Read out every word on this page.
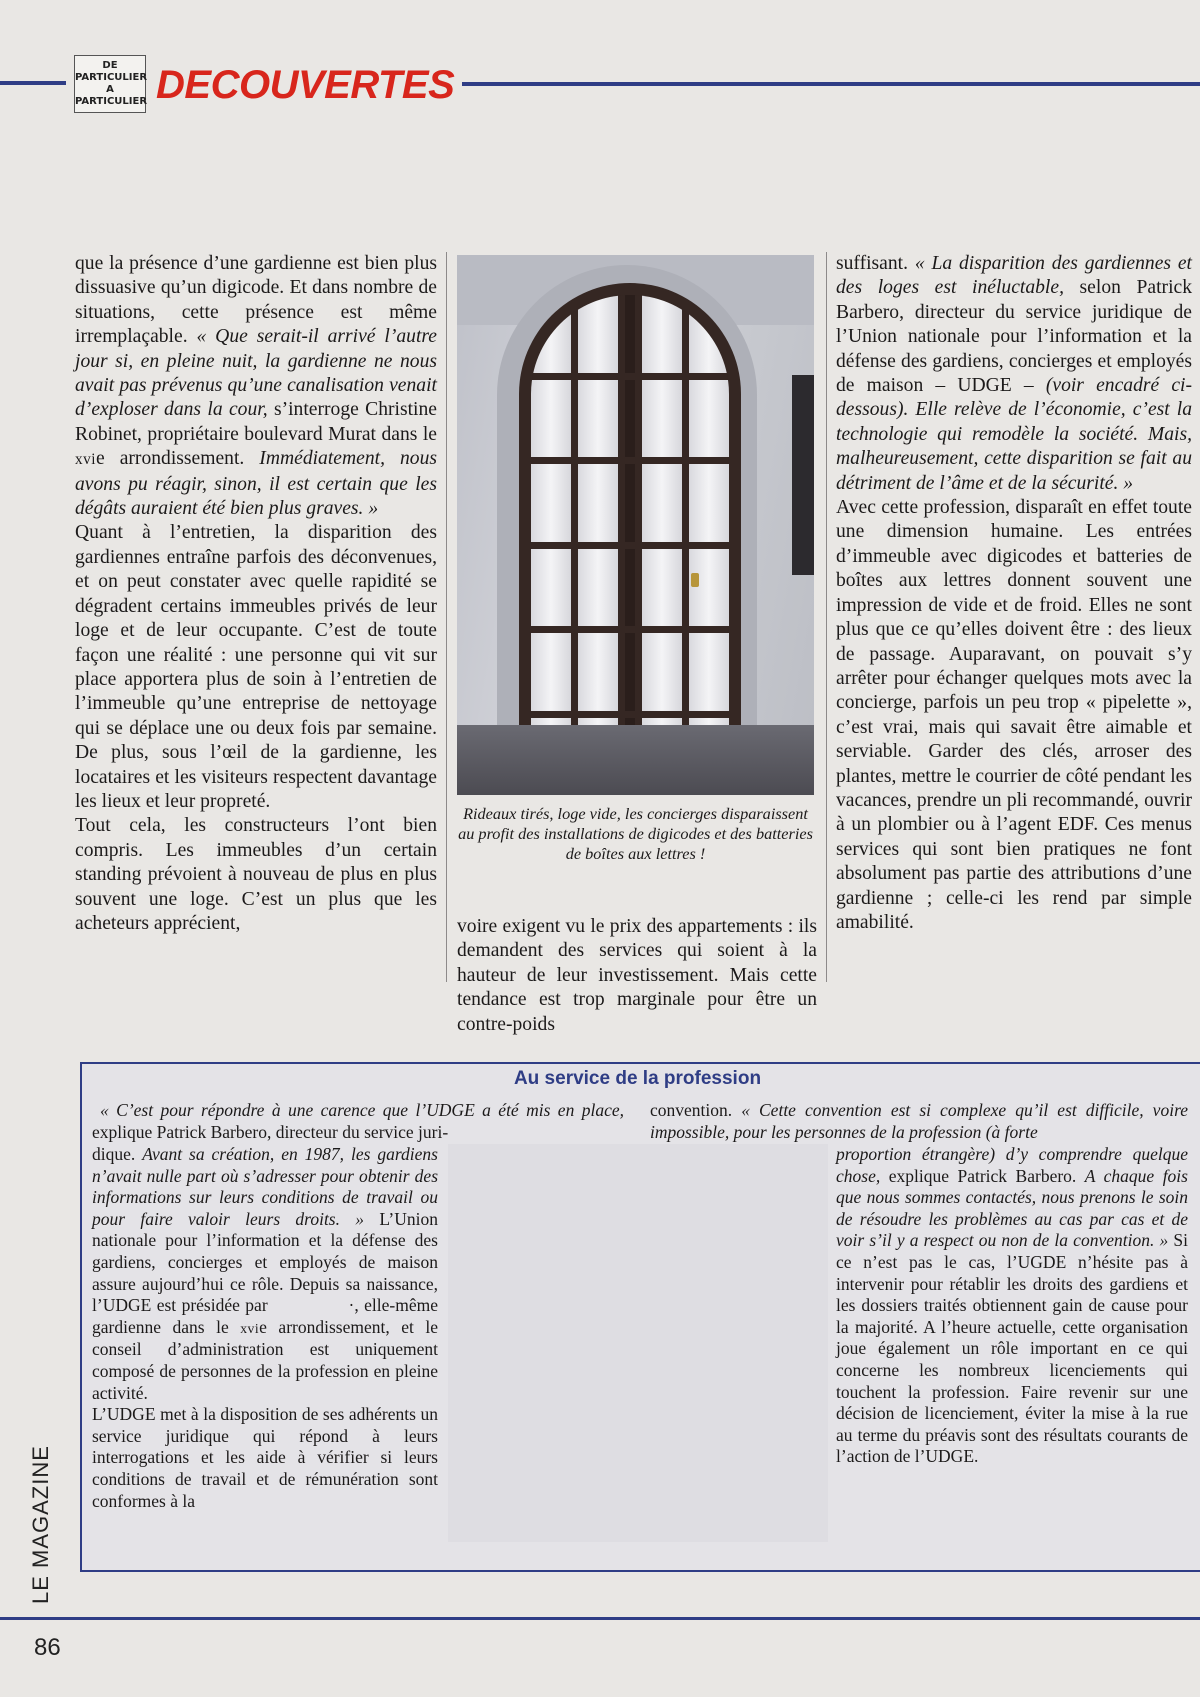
DE
PARTICULIER
A
PARTICULIER DECOUVERTES
que la présence d’une gardienne est bien plus dissuasive qu’un digicode. Et dans nombre de situations, cette présence est même irremplaçable. « Que serait-il arrivé l’autre jour si, en pleine nuit, la gardienne ne nous avait pas prévenus qu’une canalisation venait d’exploser dans la cour, s’interroge Christine Robinet, propriétaire boulevard Murat dans le xvie arrondissement. Immédiatement, nous avons pu réagir, sinon, il est certain que les dégâts auraient été bien plus graves. »
Quant à l’entretien, la disparition des gardiennes entraîne parfois des déconvenues, et on peut constater avec quelle rapidité se dégradent certains immeubles privés de leur loge et de leur occupante. C’est de toute façon une réalité : une personne qui vit sur place apportera plus de soin à l’entretien de l’immeuble qu’une entreprise de nettoyage qui se déplace une ou deux fois par semaine. De plus, sous l’œil de la gardienne, les locataires et les visiteurs respectent davantage les lieux et leur propreté.
Tout cela, les constructeurs l’ont bien compris. Les immeubles d’un certain standing prévoient à nouveau de plus en plus souvent une loge. C’est un plus que les acheteurs apprécient,

Rideaux tirés, loge vide, les concierges disparaissent au profit des installations de digicodes et des batteries de boîtes aux lettres !

voire exigent vu le prix des appartements : ils demandent des services qui soient à la hauteur de leur investissement. Mais cette tendance est trop marginale pour être un contre-poids
suffisant. « La disparition des gardiennes et des loges est inéluctable, selon Patrick Barbero, directeur du service juridique de l’Union nationale pour l’information et la défense des gardiens, concierges et employés de maison – UDGE – (voir encadré ci-dessous). Elle relève de l’économie, c’est la technologie qui remodèle la société. Mais, malheureusement, cette disparition se fait au détriment de l’âme et de la sécurité. »
Avec cette profession, disparaît en effet toute une dimension humaine. Les entrées d’immeuble avec digicodes et batteries de boîtes aux lettres donnent souvent une impression de vide et de froid. Elles ne sont plus que ce qu’elles doivent être : des lieux de passage. Auparavant, on pouvait s’y arrêter pour échanger quelques mots avec la concierge, parfois un peu trop « pipelette », c’est vrai, mais qui savait être aimable et serviable. Garder des clés, arroser des plantes, mettre le courrier de côté pendant les vacances, prendre un pli recommandé, ouvrir à un plombier ou à l’agent EDF. Ces menus services qui sont bien pratiques ne font absolument pas partie des attributions d’une gardienne ; celle-ci les rend par simple amabilité.
Au service de la profession
« C’est pour répondre à une carence que l’UDGE a été mis en place, explique Patrick Barbero, directeur du service juri-
convention. « Cette convention est si complexe qu’il est difficile, voire impossible, pour les personnes de la profession (à forte
dique. Avant sa création, en 1987, les gardiens n’avait nulle part où s’adresser pour obtenir des informations sur leurs conditions de travail ou pour faire valoir leurs droits. » L’Union nationale pour l’information et la défense des gardiens, concierges et employés de maison assure aujourd’hui ce rôle. Depuis sa naissance, l’UDGE est présidée par	·, elle-même gardienne dans le xvie arrondissement, et le conseil d’administration est uniquement composé de personnes de la profession en pleine activité.
L’UDGE met à la disposition de ses adhérents un service juridique qui répond à leurs interrogations et les aide à vérifier si leurs conditions de travail et de rémunération sont conformes à la
proportion étrangère) d’y comprendre quelque chose, explique Patrick Barbero. A chaque fois que nous sommes contactés, nous prenons le soin de résoudre les problèmes au cas par cas et de voir s’il y a respect ou non de la convention. » Si ce n’est pas le cas, l’UGDE n’hésite pas à intervenir pour rétablir les droits des gardiens et les dossiers traités obtiennent gain de cause pour la majorité. A l’heure actuelle, cette organisation joue également un rôle important en ce qui concerne les nombreux licenciements qui touchent la profession. Faire revenir sur une décision de licenciement, éviter la mise à la rue au terme du préavis sont des résultats courants de l’action de l’UDGE.

LE MAGAZINE

86
